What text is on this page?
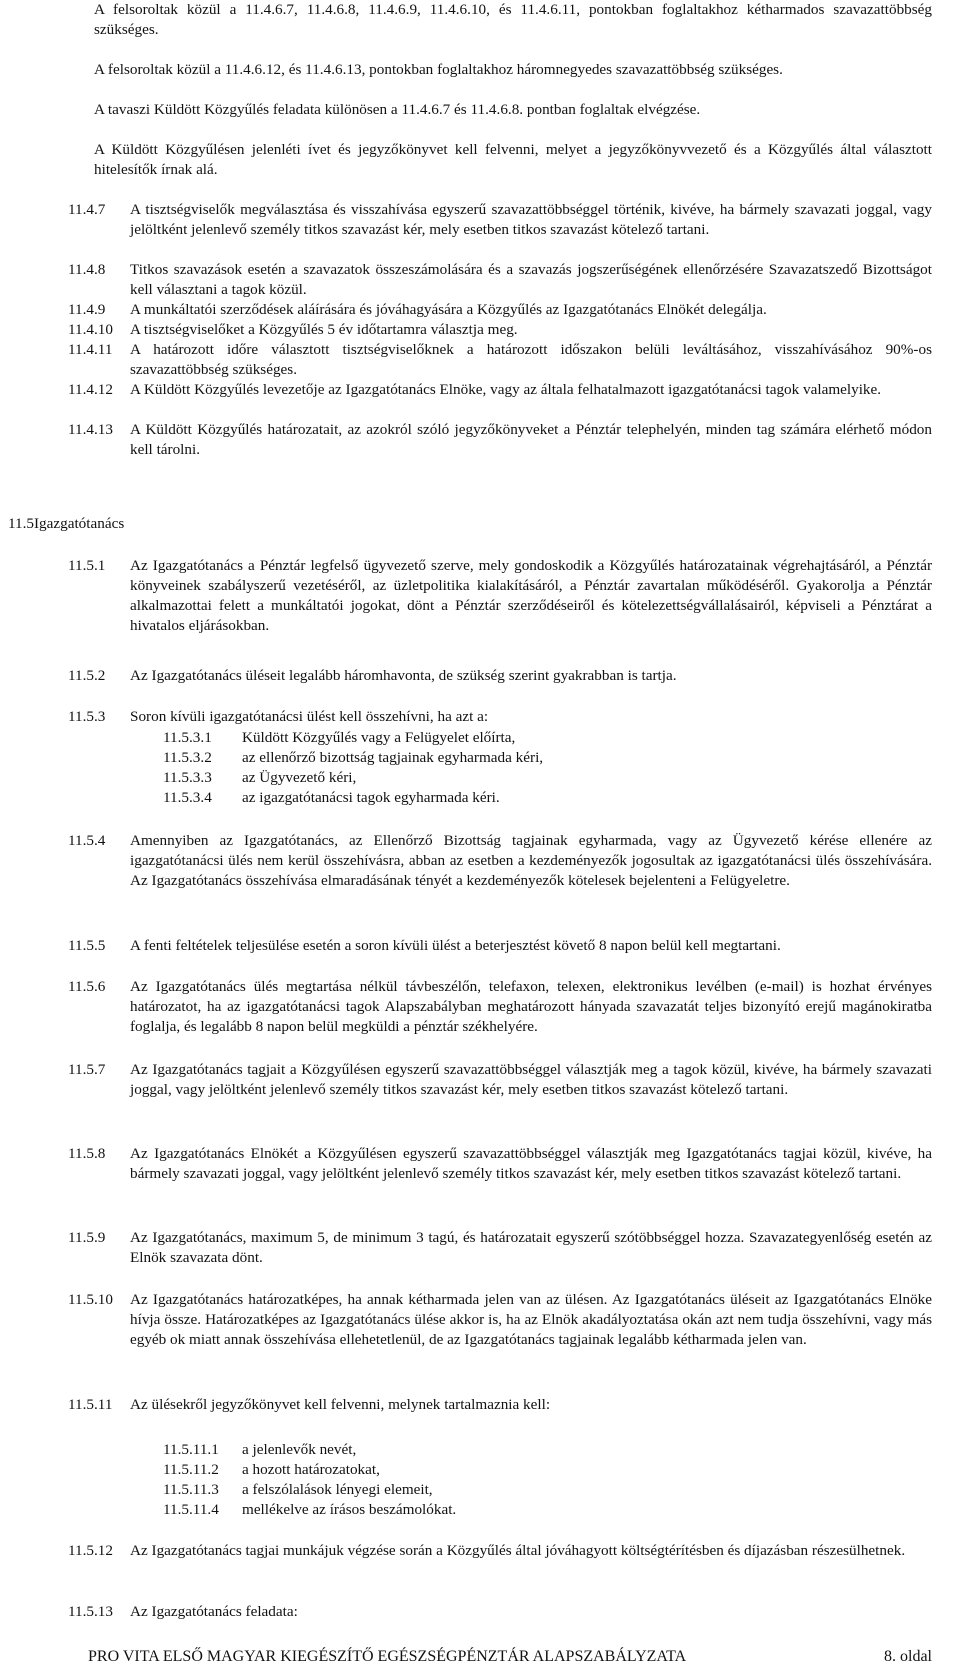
A felsoroltak közül a 11.4.6.7, 11.4.6.8, 11.4.6.9, 11.4.6.10, és 11.4.6.11, pontokban foglaltakhoz kétharmados szavazattöbbség szükséges.
A felsoroltak közül a 11.4.6.12, és 11.4.6.13, pontokban foglaltakhoz háromnegyedes szavazattöbbség szükséges.
A tavaszi Küldött Közgyűlés feladata különösen a 11.4.6.7 és 11.4.6.8. pontban foglaltak elvégzése.
A Küldött Közgyűlésen jelenléti ívet és jegyzőkönyvet kell felvenni, melyet a jegyzőkönyvvezető és a Közgyűlés által választott hitelesítők írnak alá.
11.4.7 A tisztségviselők megválasztása és visszahívása egyszerű szavazattöbbséggel történik, kivéve, ha bármely szavazati joggal, vagy jelöltként jelenlevő személy titkos szavazást kér, mely esetben titkos szavazást kötelező tartani.
11.4.8 Titkos szavazások esetén a szavazatok összeszámolására és a szavazás jogszerűségének ellenőrzésére Szavazatszedő Bizottságot kell választani a tagok közül.
11.4.9 A munkáltatói szerződések aláírására és jóváhagyására a Közgyűlés az Igazgatótanács Elnökét delegálja.
11.4.10 A tisztségviselőket a Közgyűlés 5 év időtartamra választja meg.
11.4.11 A határozott időre választott tisztségviselőknek a határozott időszakon belüli leváltásához, visszahívásához 90%-os szavazattöbbség szükséges.
11.4.12 A Küldött Közgyűlés levezetője az Igazgatótanács Elnöke, vagy az általa felhatalmazott igazgatótanácsi tagok valamelyike.
11.4.13 A Küldött Közgyűlés határozatait, az azokról szóló jegyzőkönyveket a Pénztár telephelyén, minden tag számára elérhető módon kell tárolni.
11.5 Igazgatótanács
11.5.1 Az Igazgatótanács a Pénztár legfelső ügyvezető szerve, mely gondoskodik a Közgyűlés határozatainak végrehajtásáról, a Pénztár könyveinek szabályszerű vezetéséről, az üzletpolitika kialakításáról, a Pénztár zavartalan működéséről. Gyakorolja a Pénztár alkalmazottai felett a munkáltatói jogokat, dönt a Pénztár szerződéseiről és kötelezettségvállalásairól, képviseli a Pénztárat a hivatalos eljárásokban.
11.5.2 Az Igazgatótanács üléseit legalább háromhavonta, de szükség szerint gyakrabban is tartja.
11.5.3 Soron kívüli igazgatótanácsi ülést kell összehívni, ha azt a:
11.5.3.1 Küldött Közgyűlés vagy a Felügyelet előírta,
11.5.3.2 az ellenőrző bizottság tagjainak egyharmada kéri,
11.5.3.3 az Ügyvezető kéri,
11.5.3.4 az igazgatótanácsi tagok egyharmada kéri.
11.5.4 Amennyiben az Igazgatótanács, az Ellenőrző Bizottság tagjainak egyharmada, vagy az Ügyvezető kérése ellenére az igazgatótanácsi ülés nem kerül összehívásra, abban az esetben a kezdeményezők jogosultak az igazgatótanácsi ülés összehívására. Az Igazgatótanács összehívása elmaradásának tényét a kezdeményezők kötelesek bejelenteni a Felügyeletre.
11.5.5 A fenti feltételek teljesülése esetén a soron kívüli ülést a beterjesztést követő 8 napon belül kell megtartani.
11.5.6 Az Igazgatótanács ülés megtartása nélkül távbeszélőn, telefaxon, telexen, elektronikus levélben (e-mail) is hozhat érvényes határozatot, ha az igazgatótanácsi tagok Alapszabályban meghatározott hányada szavazatát teljes bizonyító erejű magánokiratba foglalja, és legalább 8 napon belül megküldi a pénztár székhelyére.
11.5.7 Az Igazgatótanács tagjait a Közgyűlésen egyszerű szavazattöbbséggel választják meg a tagok közül, kivéve, ha bármely szavazati joggal, vagy jelöltként jelenlevő személy titkos szavazást kér, mely esetben titkos szavazást kötelező tartani.
11.5.8 Az Igazgatótanács Elnökét a Közgyűlésen egyszerű szavazattöbbséggel választják meg Igazgatótanács tagjai közül, kivéve, ha bármely szavazati joggal, vagy jelöltként jelenlevő személy titkos szavazást kér, mely esetben titkos szavazást kötelező tartani.
11.5.9 Az Igazgatótanács, maximum 5, de minimum 3 tagú, és határozatait egyszerű szótöbbséggel hozza. Szavazategyenlőség esetén az Elnök szavazata dönt.
11.5.10 Az Igazgatótanács határozatképes, ha annak kétharmada jelen van az ülésen. Az Igazgatótanács üléseit az Igazgatótanács Elnöke hívja össze. Határozatképes az Igazgatótanács ülése akkor is, ha az Elnök akadályoztatása okán azt nem tudja összehívni, vagy más egyéb ok miatt annak összehívása ellehetetlenül, de az Igazgatótanács tagjainak legalább kétharmada jelen van.
11.5.11 Az ülésekről jegyzőkönyvet kell felvenni, melynek tartalmaznia kell:
11.5.11.1 a jelenlevők nevét,
11.5.11.2 a hozott határozatokat,
11.5.11.3 a felszólalások lényegi elemeit,
11.5.11.4 mellékelve az írásos beszámolókat.
11.5.12 Az Igazgatótanács tagjai munkájuk végzése során a Közgyűlés által jóváhagyott költségtérítésben és díjazásban részesülhetnek.
11.5.13 Az Igazgatótanács feladata:
PRO VITA ELSŐ MAGYAR KIEGÉSZÍTŐ EGÉSZSÉGPÉNZTÁR ALAPSZABÁLYZATA	8. oldal
